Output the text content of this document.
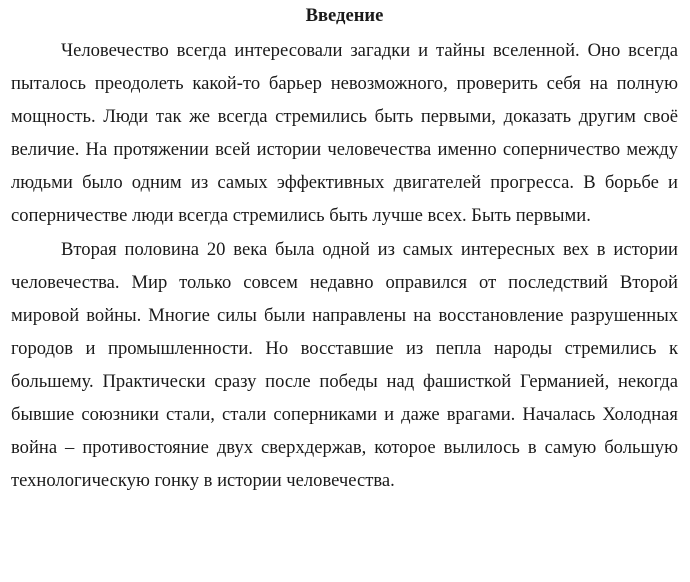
Введение

Человечество всегда интересовали загадки и тайны вселенной. Оно всегда пыталось преодолеть какой-то барьер невозможного, проверить себя на полную мощность. Люди так же всегда стремились быть первыми, доказать другим своё величие. На протяжении всей истории человечества именно соперничество между людьми было одним из самых эффективных двигателей прогресса. В борьбе и соперничестве люди всегда стремились быть лучше всех. Быть первыми.

Вторая половина 20 века была одной из самых интересных вех в истории человечества. Мир только совсем недавно оправился от последствий Второй мировой войны. Многие силы были направлены на восстановление разрушенных городов и промышленности. Но восставшие из пепла народы стремились к большему. Практически сразу после победы над фашисткой Германией, некогда бывшие союзники стали, стали соперниками и даже врагами. Началась Холодная война – противостояние двух сверхдержав, которое вылилось в самую большую технологическую гонку в истории человечества.
